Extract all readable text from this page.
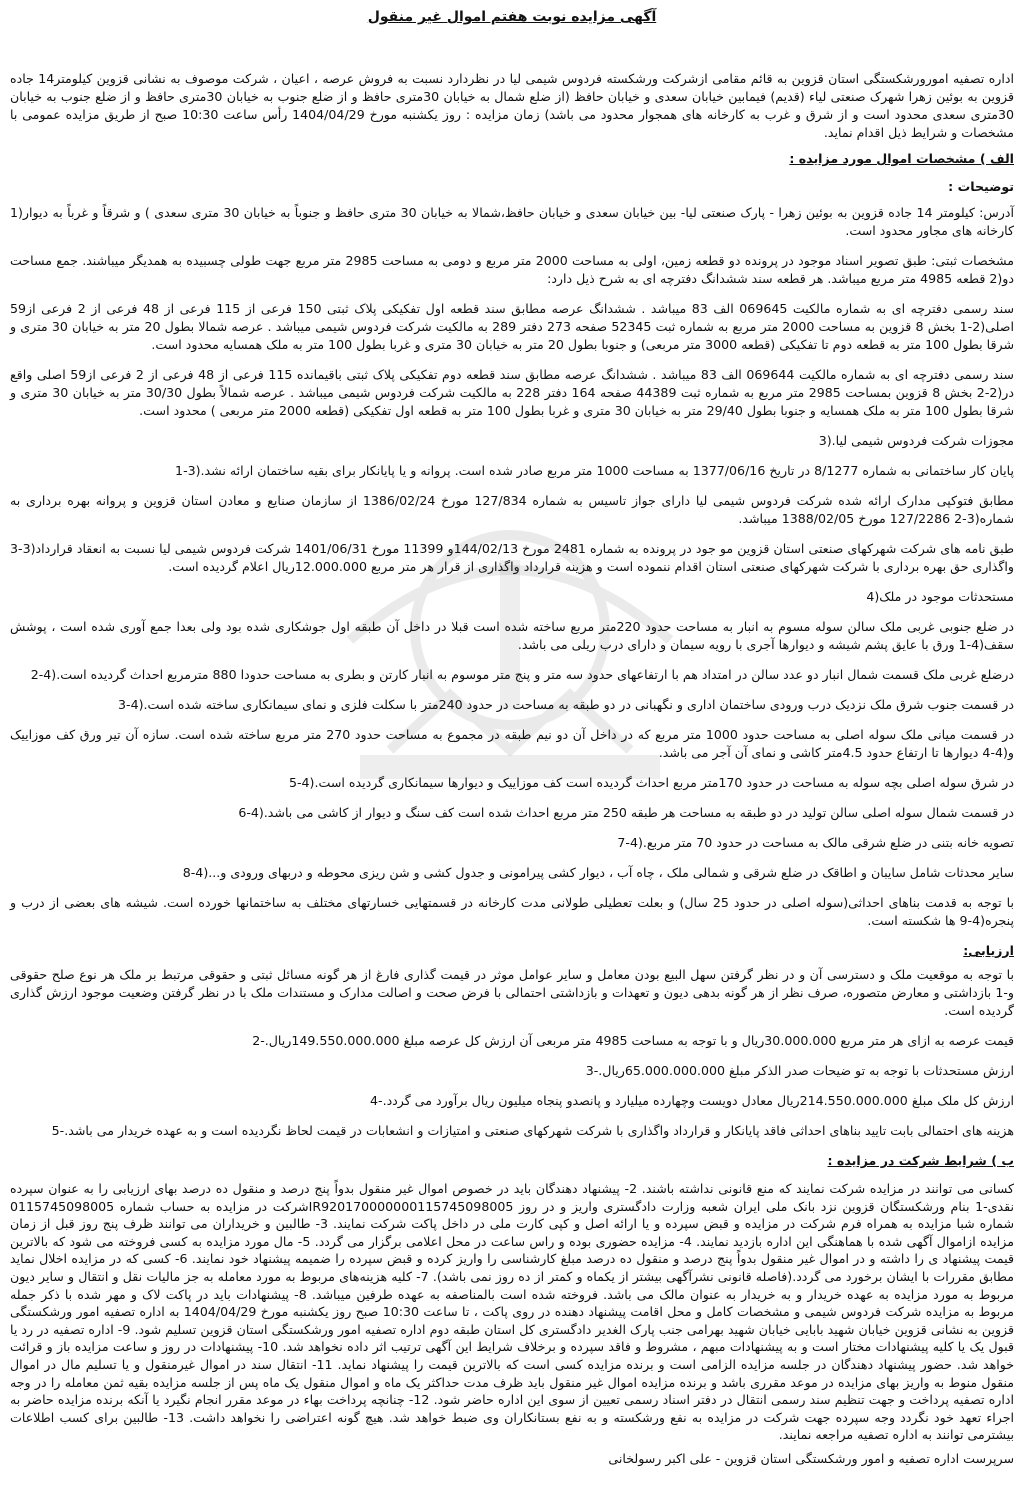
آگهی مزایده نوبت هفتم اموال غیر منقول

اداره تصفیه امورورشکستگی استان قزوین به قائم مقامی ازشرکت ورشکسته فردوس شیمی لیا در نظردارد نسبت به فروش عرصه ، اعیان ، شرکت موصوف به نشانی قزوین کیلومتر14 جاده قزوین به بوئین زهرا شهرک صنعتی لیاء (قدیم) فیمابین خیابان سعدی و خیابان حافظ (از ضلع شمال به خیابان 30متری حافظ و از ضلع جنوب به خیابان 30متری حافظ و از ضلع جنوب به خیابان 30متری سعدی محدود است و از شرق و غرب به کارخانه های همجوار محدود می باشد) زمان مزایده : روز یکشنبه مورخ 1404/04/29 رأس ساعت 10:30 صبح از طریق مزایده عمومی با مشخصات و شرایط ذیل اقدام نماید.

الف ) مشخصات اموال مورد مزایده :
توضیحات :

آدرس: کیلومتر 14 جاده قزوین به بوئین زهرا - پارک صنعتی لیا- بین خیابان سعدی و خیابان حافظ،شمالا به خیابان 30 متری حافظ و جنوباً به خیابان 30 متری سعدی ) و شرقاً و غرباً به دیوار(1 کارخانه های مجاور محدود است.

مشخصات ثبتی: طبق تصویر اسناد موجود در پرونده دو قطعه زمین، اولی به مساحت 2000 متر مربع و دومی به مساحت 2985 متر مربع جهت طولی چسبیده به همدیگر میباشند. جمع مساحت دو(2 قطعه 4985 متر مربع میباشد. هر قطعه سند ششدانگ دفترچه ای به شرح ذیل دارد:

سند رسمی دفترچه ای به شماره مالکیت 069645 الف 83 میباشد . ششدانگ عرصه مطابق سند قطعه اول تفکیکی پلاک ثبتی 150 فرعی از 115 فرعی از 48 فرعی از 2 فرعی از59 اصلی(2-1 بخش 8 قزوین به مساحت 2000 متر مربع به شماره ثبت 52345 صفحه 273 دفتر 289 به مالکیت شرکت فردوس شیمی میباشد . عرصه شمالا بطول 20 متر به خیابان 30 متری و شرقا بطول 100 متر به قطعه دوم تا تفکیکی (قطعه 3000 متر مربعی) و جنوبا بطول 20 متر به خیابان 30 متری و غربا بطول 100 متر به ملک همسایه محدود است.

سند رسمی دفترچه ای به شماره مالکیت 069644 الف 83 میباشد . ششدانگ عرصه مطابق سند قطعه دوم تفکیکی پلاک ثبتی باقیمانده 115 فرعی از 48 فرعی از 2 فرعی از59 اصلی واقع در(2-2 بخش 8 قزوین بمساحت 2985 متر مربع به شماره ثبت 44389 صفحه 164 دفتر 228 به مالکیت شرکت فردوس شیمی میباشد . عرصه شمالاً بطول 30/30 متر به خیابان 30 متری و شرقا بطول 100 متر به ملک همسایه و جنوبا بطول 29/40 متر به خیابان 30 متری و غربا بطول 100 متر به قطعه اول تفکیکی (قطعه 2000 متر مربعی ) محدود است.

مجوزات شرکت فردوس شیمی لیا.(3

پایان کار ساختمانی به شماره 8/1277 در تاریخ 1377/06/16 به مساحت 1000 متر مربع صادر شده است. پروانه و یا پایانکار برای بقیه ساختمان ارائه نشد.(3-1

مطابق فتوکپی مدارک ارائه شده شرکت فردوس شیمی لیا دارای جواز تاسیس به شماره 127/834 مورخ 1386/02/24 از سازمان صنایع و معادن استان قزوین و پروانه بهره برداری به شماره(3-2 127/2286 مورخ 1388/02/05 میباشد.

طبق نامه های شرکت شهرکهای صنعتی استان قزوین مو جود در پرونده به شماره 2481 مورخ 144/02/13و 11399 مورخ 1401/06/31 شرکت فردوس شیمی لیا نسبت به انعقاد قرارداد(3-3 واگذاری حق بهره برداری با شرکت شهرکهای صنعتی استان اقدام ننموده است و هزینه قرارداد واگذاری از قرار هر متر مربع 12.000.000ریال اعلام گردیده است.

مستحدثات موجود در ملک(4

در ضلع جنوبی غربی ملک سالن سوله مسوم به انبار به مساحت حدود 220متر مربع ساخته شده است قبلا در داخل آن طبقه اول جوشکاری شده بود ولی بعدا جمع آوری شده است ، پوشش سقف(4-1 ورق با عایق پشم شیشه و دیوارها آجری با رویه سیمان و دارای درب ریلی می باشد.

درضلع غربی ملک قسمت شمال انبار دو عدد سالن در امتداد هم با ارتفاعهای حدود سه متر و پنج متر موسوم به انبار کارتن و بطری به مساحت حدودا 880 مترمربع احداث گردیده است.(4-2

در قسمت جنوب شرق ملک نزدیک درب ورودی ساختمان اداری و نگهبانی در دو طبقه به مساحت در حدود 240متر با سکلت فلزی و نمای سیمانکاری ساخته شده است.(4-3

در قسمت میانی ملک سوله اصلی به مساحت حدود 1000 متر مربع که در داخل آن دو نیم طبقه در مجموع به مساحت حدود 270 متر مربع ساخته شده است. سازه آن تیر ورق کف موزاییک و(4-4 دیوارها تا ارتفاع حدود 4.5متر کاشی و نمای آن آجر می باشد.

در شرق سوله اصلی بچه سوله به مساحت در حدود 170متر مربع احداث گردیده است کف موزاییک و دیوارها سیمانکاری گردیده است.(4-5

در قسمت شمال سوله اصلی سالن تولید در دو طبقه به مساحت هر طبقه 250 متر مربع احداث شده است کف سنگ و دیوار از کاشی می باشد.(4-6

تصویه خانه بتنی در ضلع شرقی مالک به مساحت در حدود 70 متر مربع.(4-7

سایر محدثات شامل سایبان و اطاقک در ضلع شرقی و شمالی ملک ، چاه آب ، دیوار کشی پیرامونی و جدول کشی و شن ریزی محوطه و دربهای ورودی و...(4-8

با توجه به قدمت بناهای احداثی(سوله اصلی در حدود 25 سال) و بعلت تعطیلی طولانی مدت کارخانه در قسمتهایی خسارتهای مختلف به ساختمانها خورده است. شیشه های بعضی از درب و پنجره(4-9 ها شکسته است.

ارزیابی:

با توجه به موقعیت ملک و دسترسی آن و در نظر گرفتن سهل البیع بودن معامل و سایر عوامل موثر در قیمت گذاری فارغ از هر گونه مسائل ثبتی و حقوقی مرتبط بر ملک هر نوع صلح حقوقی و-1 بازداشتی و معارض متصوره، صرف نظر از هر گونه بدهی دیون و تعهدات و بازداشتی احتمالی با فرض صحت و اصالت مدارک و مستندات ملک با در نظر گرفتن وضعیت موجود ارزش گذاری گردیده است.

قیمت عرصه به ازای هر متر مربع 30.000.000ریال و با توجه به مساحت 4985 متر مربعی آن ارزش کل عرصه مبلغ 149.550.000.000ریال.-2

ارزش مستحدثات با توجه به تو ضیحات صدر الذکر مبلغ 65.000.000.000ریال.-3

ارزش کل ملک مبلغ 214.550.000.000ریال معادل دویست وچهارده میلیارد و پانصدو پنجاه میلیون ریال برآورد می گردد.-4

هزینه های احتمالی بابت تایید بناهای احداثی فاقد پایانکار و قرارداد واگذاری با شرکت شهرکهای صنعتی و امتیازات و انشعابات در قیمت لحاظ نگردیده است و به عهده خریدار می باشد.-5

ب ) شرایط شرکت در مزایده :

کسانی می توانند در مزایده شرکت نمایند که منع قانونی نداشته باشند. 2- پیشنهاد دهندگان باید در خصوص اموال غیر منقول بدواً پنج درصد و منقول ده درصد بهای ارزیابی را به عنوان سپرده نقدی-1 بنام ورشکستگان قزوین نزد بانک ملی ایران شعبه وزارت دادگستری واریز و در روز IR920170000000115745098005شرکت در مزایده به حساب شماره 0115745098005 شماره شبا مزایده به همراه فرم شرکت در مزایده و قبض سپرده و یا ارائه اصل و کپی کارت ملی در داخل پاکت شرکت نمایند. 3- طالبین و خریداران می توانند ظرف پنج روز قبل از زمان مزایده ازاموال آگهی شده با هماهنگی این اداره بازدید نمایند. 4- مزایده حضوری بوده و راس ساعت در محل اعلامی برگزار می گردد. 5- مال مورد مزایده به کسی فروخته می شود که بالاترین قیمت پیشنهاد ی را داشته و در اموال غیر منقول بدواً پنج درصد و منقول ده درصد مبلغ کارشناسی را واریز کرده و قبض سپرده را ضمیمه پیشنهاد خود نمایند. 6- کسی که در مزایده اخلال نماید مطابق مقررات با ایشان برخورد می گردد.(فاصله قانونی نشرآگهی بیشتر از یکماه و کمتر از ده روز نمی باشد). 7- کلیه هزینه‌های مربوط به مورد معامله به جز مالیات نقل و انتقال و سایر دیون مربوط به مورد مزایده به عهده خریدار و به خریدار به عنوان مالک می باشد. فروخته شده است بالمناصفه به عهده طرفین میباشد. 8- پیشنهادات باید در پاکت لاک و مهر شده با ذکر جمله مربوط به مزایده شرکت فردوس شیمی و مشخصات کامل و محل اقامت پیشنهاد دهنده در روی پاکت ، تا ساعت 10:30 صبح روز یکشنبه مورخ 1404/04/29 به اداره تصفیه امور ورشکستگی قزوین به نشانی قزوین خیابان شهید بابایی خیابان شهید بهرامی جنب پارک الغدیر دادگستری کل استان طبقه دوم اداره تصفیه امور ورشکستگی استان قزوین تسلیم شود. 9- اداره تصفیه در رد یا قبول یک یا کلیه پیشنهادات مختار است و به پیشنهادات مبهم ، مشروط و فاقد سپرده و برخلاف شرایط این آگهی ترتیب اثر داده نخواهد شد. 10- پیشنهادات در روز و ساعت مزایده باز و قرائت خواهد شد. حضور پیشنهاد دهندگان در جلسه مزایده الزامی است و برنده مزایده کسی است که بالاترین قیمت را پیشنهاد نماید. 11- انتقال سند در اموال غیرمنقول و یا تسلیم مال در اموال منقول منوط به واریز بهای مزایده در موعد مقرری باشد و برنده مزایده اموال غیر منقول باید ظرف مدت حداکثر یک ماه و اموال منقول یک ماه پس از جلسه مزایده بقیه ثمن معامله را در وجه اداره تصفیه پرداخت و جهت تنظیم سند رسمی انتقال در دفتر اسناد رسمی تعیین از سوی این اداره حاضر شود. 12- چنانچه پرداخت بهاء در موعد مقرر انجام نگیرد یا آنکه برنده مزایده حاضر به اجراء تعهد خود نگردد وجه سپرده جهت شرکت در مزایده به نفع ورشکسته و به نفع بستانکاران وی ضبط خواهد شد. هیچ گونه اعتراضی را نخواهد داشت. 13- طالبین برای کسب اطلاعات بیشترمی توانند به اداره تصفیه مراجعه نمایند.

سرپرست اداره تصفیه و امور ورشکستگی استان قزوین - علی اکبر رسولخانی
